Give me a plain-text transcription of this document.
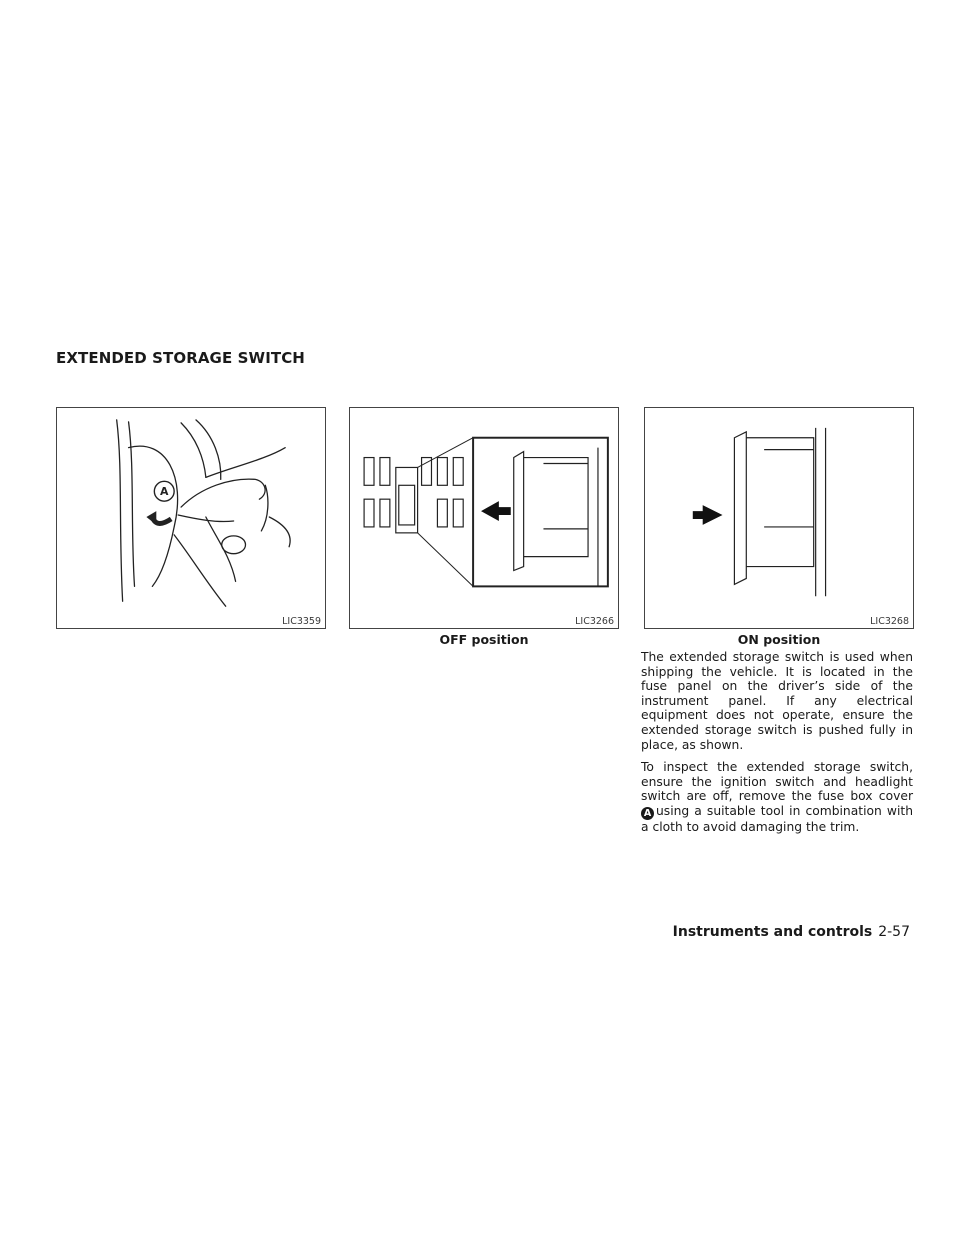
EXTENDED STORAGE SWITCH
A
LIC3359	LIC3266	LIC3268
OFF position	ON position

The extended storage switch is used when shipping the vehicle. It is located in the fuse panel on the driver’s side of the instrument panel. If any electrical equipment does not operate, ensure the extended storage switch is pushed fully in place, as shown.

To inspect the extended storage switch, ensure the ignition switch and headlight switch are off, remove the fuse box cover A using a suitable tool in combination with a cloth to avoid damaging the trim.

Instruments and controls 2-57
